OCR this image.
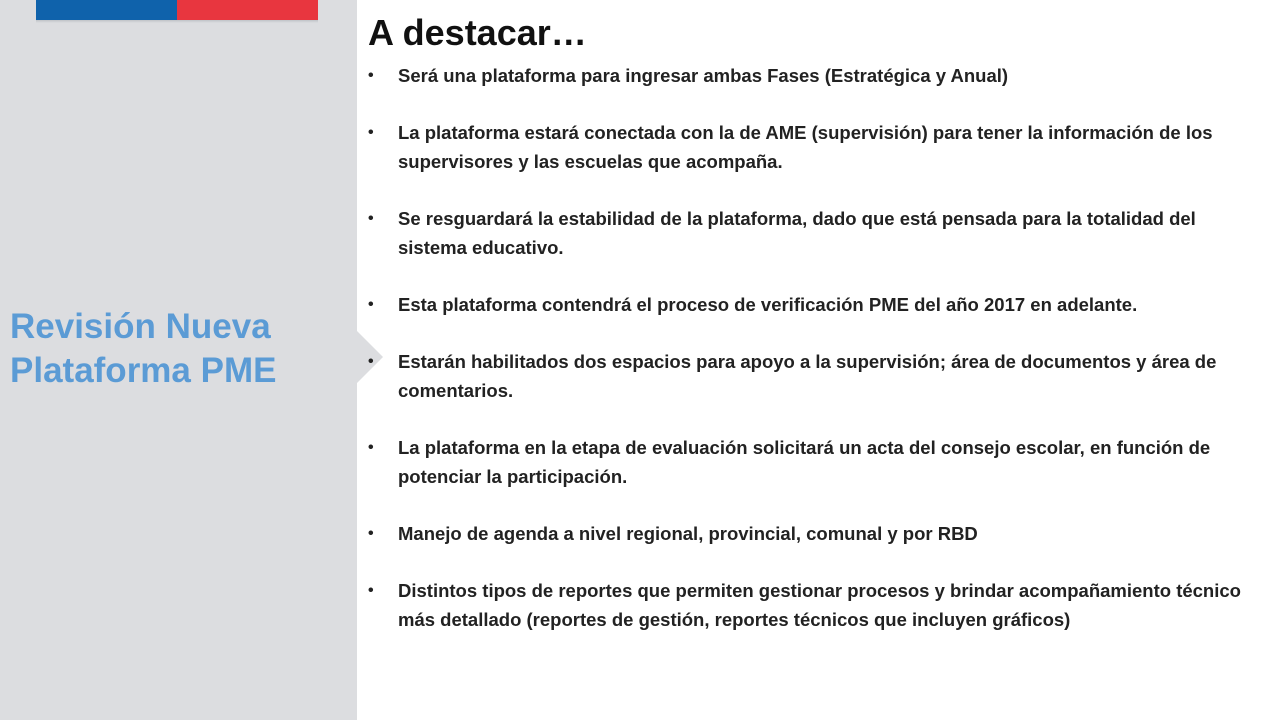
Revisión Nueva
Plataforma PME
A destacar…
•	Será una plataforma para ingresar ambas Fases (Estratégica y Anual)
•	La plataforma estará conectada con la de AME (supervisión) para tener la información de los supervisores y las escuelas que acompaña.
•	Se resguardará la estabilidad de la plataforma, dado que está pensada para la totalidad del sistema educativo.
•	Esta plataforma contendrá el proceso de verificación PME del año 2017 en adelante.
•	Estarán habilitados dos espacios para apoyo a la supervisión; área de documentos y área de comentarios.
•	La plataforma en la etapa de evaluación solicitará un acta del consejo escolar, en función de potenciar la participación.
•	Manejo de agenda a nivel regional, provincial, comunal y por RBD
•	Distintos tipos de reportes que permiten gestionar procesos y brindar acompañamiento técnico más detallado (reportes de gestión, reportes técnicos que incluyen gráficos)
